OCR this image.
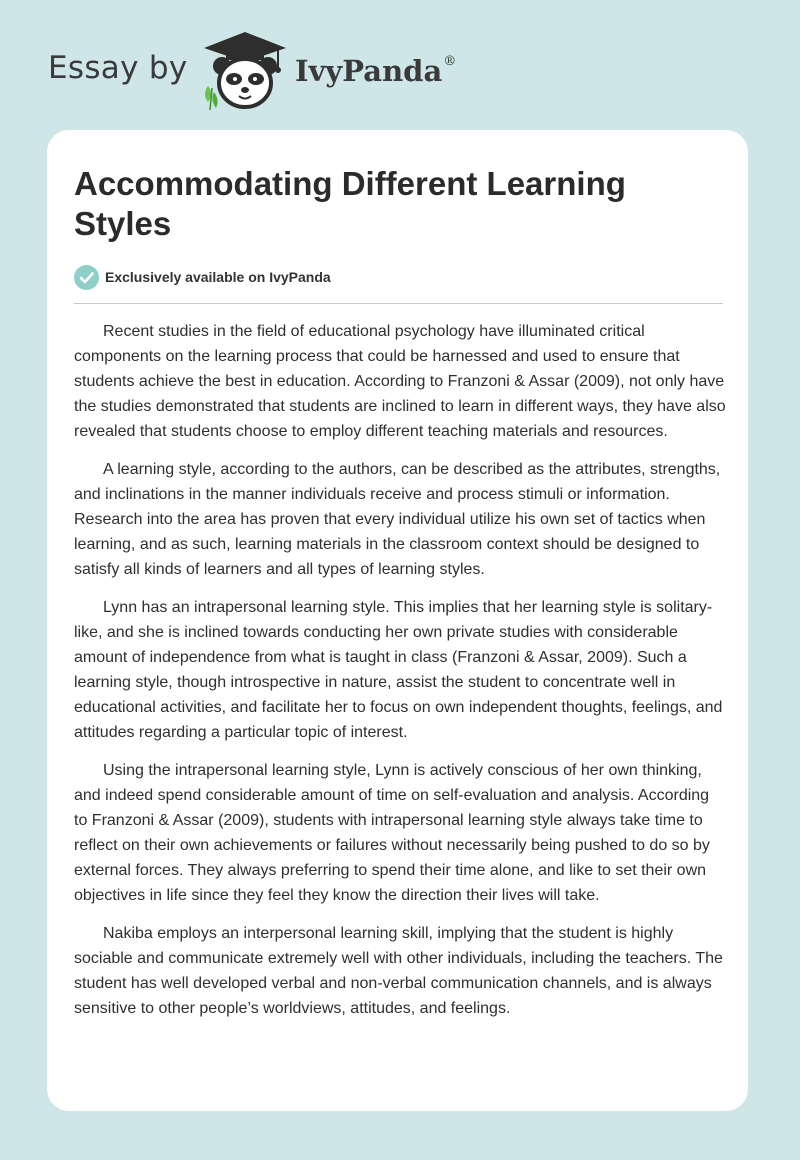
Essay by	IvyPanda®
Accommodating Different Learning Styles
Exclusively available on IvyPanda

Recent studies in the field of educational psychology have illuminated critical components on the learning process that could be harnessed and used to ensure that students achieve the best in education. According to Franzoni & Assar (2009), not only have the studies demonstrated that students are inclined to learn in different ways, they have also revealed that students choose to employ different teaching materials and resources.

A learning style, according to the authors, can be described as the attributes, strengths, and inclinations in the manner individuals receive and process stimuli or information. Research into the area has proven that every individual utilize his own set of tactics when learning, and as such, learning materials in the classroom context should be designed to satisfy all kinds of learners and all types of learning styles.

Lynn has an intrapersonal learning style. This implies that her learning style is solitary-like, and she is inclined towards conducting her own private studies with considerable amount of independence from what is taught in class (Franzoni & Assar, 2009). Such a learning style, though introspective in nature, assist the student to concentrate well in educational activities, and facilitate her to focus on own independent thoughts, feelings, and attitudes regarding a particular topic of interest.

Using the intrapersonal learning style, Lynn is actively conscious of her own thinking, and indeed spend considerable amount of time on self-evaluation and analysis. According to Franzoni & Assar (2009), students with intrapersonal learning style always take time to reflect on their own achievements or failures without necessarily being pushed to do so by external forces. They always preferring to spend their time alone, and like to set their own objectives in life since they feel they know the direction their lives will take.

Nakiba employs an interpersonal learning skill, implying that the student is highly sociable and communicate extremely well with other individuals, including the teachers. The student has well developed verbal and non-verbal communication channels, and is always sensitive to other people’s worldviews, attitudes, and feelings.
